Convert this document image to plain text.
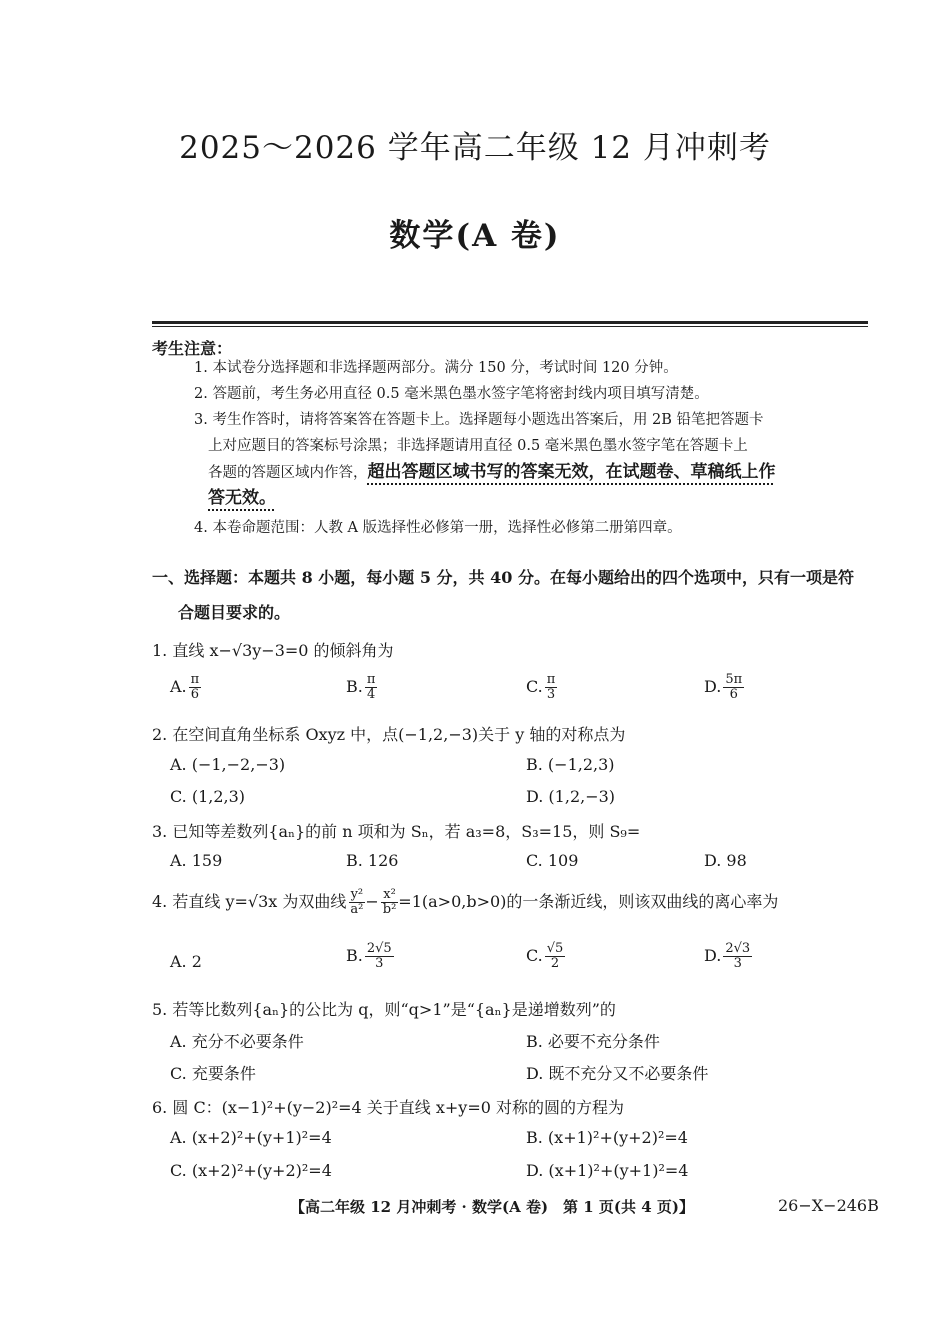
2025～2026 学年高二年级 12 月冲刺考
数学(A 卷)
考生注意：
1. 本试卷分选择题和非选择题两部分。满分 150 分，考试时间 120 分钟。
2. 答题前，考生务必用直径 0.5 毫米黑色墨水签字笔将密封线内项目填写清楚。
3. 考生作答时，请将答案答在答题卡上。选择题每小题选出答案后，用 2B 铅笔把答题卡
上对应题目的答案标号涂黑；非选择题请用直径 0.5 毫米黑色墨水签字笔在答题卡上
各题的答题区域内作答，超出答题区域书写的答案无效，在试题卷、草稿纸上作
答无效。
4. 本卷命题范围：人教 A 版选择性必修第一册，选择性必修第二册第四章。
一、选择题：本题共 8 小题，每小题 5 分，共 40 分。在每小题给出的四个选项中，只有一项是符
合题目要求的。
1. 直线 x−√3y−3=0 的倾斜角为
A. $\frac{\pi}{6}$	B. $\frac{\pi}{4}$	C. $\frac{\pi}{3}$	D. $\frac{5\pi}{6}$
2. 在空间直角坐标系 Oxyz 中，点(−1,2,−3)关于 y 轴的对称点为
A. (−1,−2,−3)	B. (−1,2,3)
C. (1,2,3)	D. (1,2,−3)
3. 已知等差数列{aₙ}的前 n 项和为 Sₙ，若 a₃=8，S₃=15，则 S₉=
A. 159	B. 126	C. 109	D. 98
4. 若直线 y=√3x 为双曲线 $\frac{\text{y²}}{\text{a²}} - \frac{\text{x²}}{\text{b²}} =1(a>0,b>0)$的一条渐近线，则该双曲线的离心率为
A. 2	B. $\frac{2√5}{3}$	C. $\frac{√5}{2}$	D. $\frac{2√3}{3}$
5. 若等比数列{aₙ}的公比为 q，则“q>1”是“{aₙ}是递增数列”的
A. 充分不必要条件	B. 必要不充分条件
C. 充要条件	D. 既不充分又不必要条件
6. 圆 C：(x−1)²+(y−2)²=4 关于直线 x+y=0 对称的圆的方程为
A. (x+2)²+(y+1)²=4	B. (x+1)²+(y+2)²=4
C. (x+2)²+(y+2)²=4	D. (x+1)²+(y+1)²=4
【高二年级 12 月冲刺考 · 数学(A 卷)　第 1 页(共 4 页)】	26−X−246B
